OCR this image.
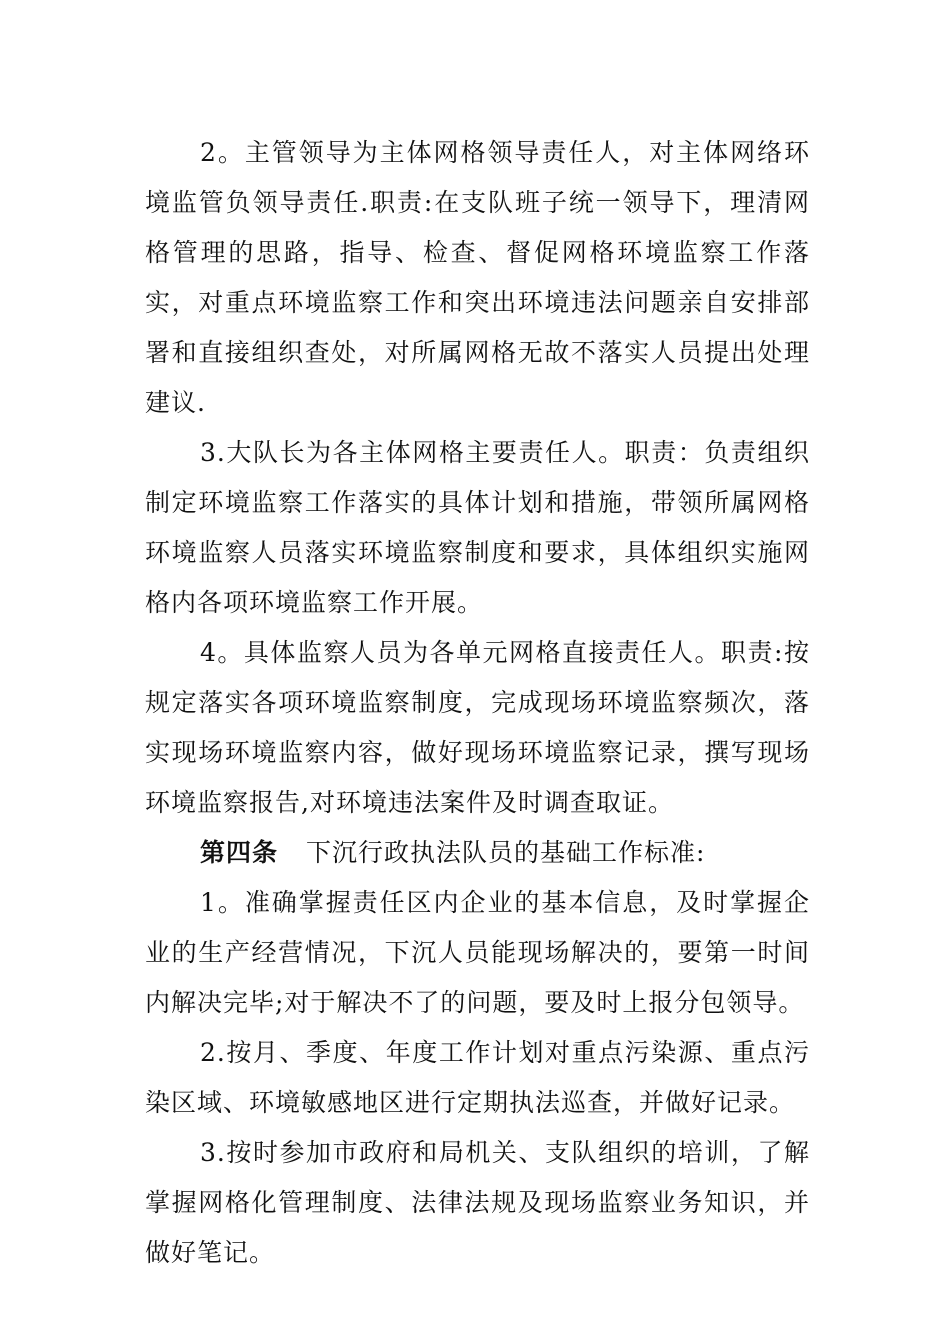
2。主管领导为主体网格领导责任人，对主体网络环境监管负领导责任.职责:在支队班子统一领导下，理清网格管理的思路，指导、检查、督促网格环境监察工作落实，对重点环境监察工作和突出环境违法问题亲自安排部署和直接组织查处，对所属网格无故不落实人员提出处理建议.

3.大队长为各主体网格主要责任人。职责：负责组织制定环境监察工作落实的具体计划和措施，带领所属网格环境监察人员落实环境监察制度和要求，具体组织实施网格内各项环境监察工作开展。

4。具体监察人员为各单元网格直接责任人。职责:按规定落实各项环境监察制度，完成现场环境监察频次，落实现场环境监察内容，做好现场环境监察记录，撰写现场环境监察报告,对环境违法案件及时调查取证。

第四条 下沉行政执法队员的基础工作标准:

1。准确掌握责任区内企业的基本信息，及时掌握企业的生产经营情况，下沉人员能现场解决的，要第一时间内解决完毕;对于解决不了的问题，要及时上报分包领导。

2.按月、季度、年度工作计划对重点污染源、重点污染区域、环境敏感地区进行定期执法巡查，并做好记录。

3.按时参加市政府和局机关、支队组织的培训，了解掌握网格化管理制度、法律法规及现场监察业务知识，并做好笔记。
